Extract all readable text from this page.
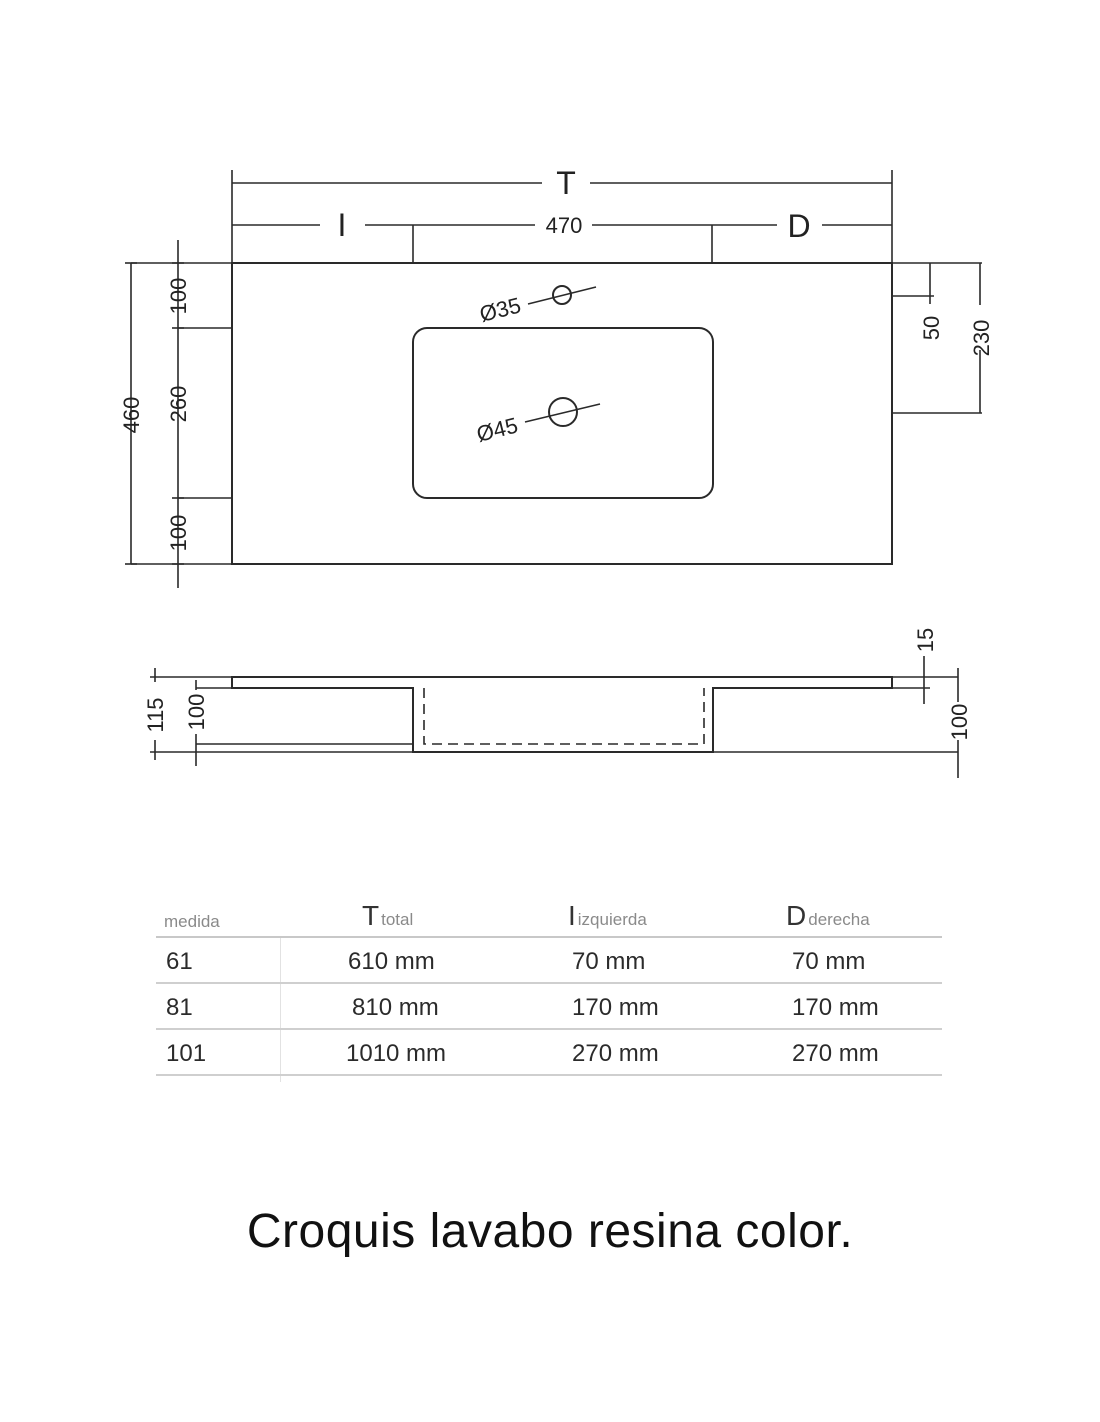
T
I	470	D
460
100
260
100
50 230
Ø35
Ø45
15
100
115 100
medida	Ttotal	Iizquierda	Dderecha
61	610 mm	70 mm	70 mm
81	810 mm	170 mm	170 mm
101	1010 mm	270 mm	270 mm
Croquis lavabo resina color.
